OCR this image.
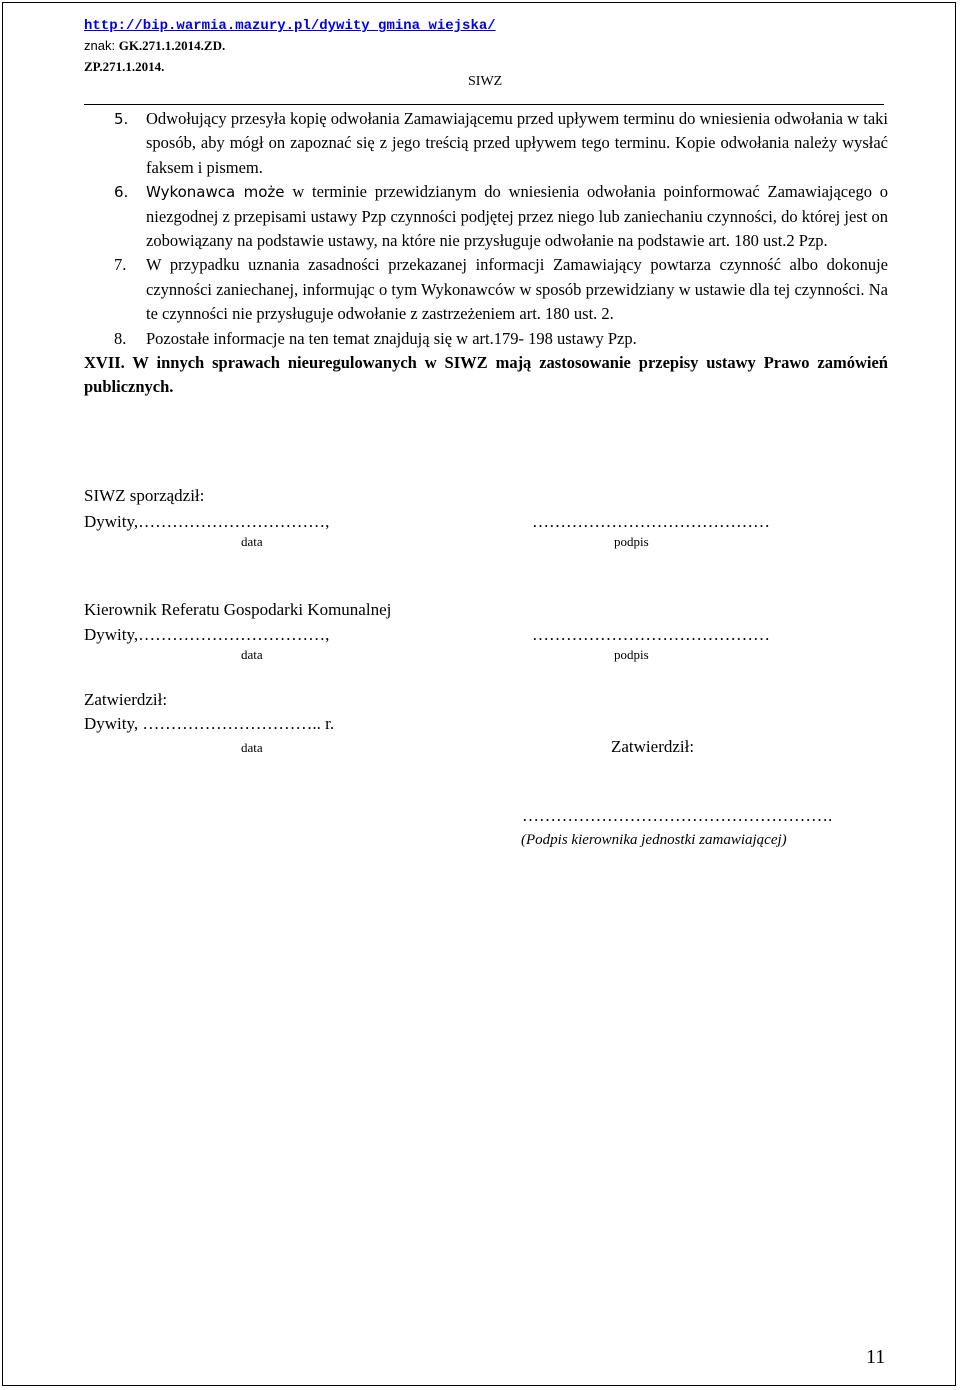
http://bip.warmia.mazury.pl/dywity_gmina_wiejska/
znak: GK.271.1.2014.ZD.
ZP.271.1.2014.
SIWZ
5. Odwołujący przesyła kopię odwołania Zamawiającemu przed upływem terminu do wniesienia odwołania w taki sposób, aby mógł on zapoznać się z jego treścią przed upływem tego terminu. Kopie odwołania należy wysłać faksem i pismem.
6. Wykonawca może w terminie przewidzianym do wniesienia odwołania poinformować Zamawiającego o niezgodnej z przepisami ustawy Pzp czynności podjętej przez niego lub zaniechaniu czynności, do której jest on zobowiązany na podstawie ustawy, na które nie przysługuje odwołanie na podstawie art. 180 ust.2 Pzp.
7. W przypadku uznania zasadności przekazanej informacji Zamawiający powtarza czynność albo dokonuje czynności zaniechanej, informując o tym Wykonawców w sposób przewidziany w ustawie dla tej czynności. Na te czynności nie przysługuje odwołanie z zastrzeżeniem art. 180 ust. 2.
8. Pozostałe informacje na ten temat znajdują się w art.179- 198 ustawy Pzp.
XVII. W innych sprawach nieuregulowanych w SIWZ mają zastosowanie przepisy ustawy Prawo zamówień publicznych.
SIWZ sporządził:
Dywity,……………………………,	……………………………………
data	podpis
Kierownik Referatu Gospodarki Komunalnej
Dywity,……………………………,	……………………………………
data	podpis
Zatwierdził:
Dywity, ………………………….. r.
data	Zatwierdził:
……………………………………………….
(Podpis kierownika jednostki zamawiającej)
11
